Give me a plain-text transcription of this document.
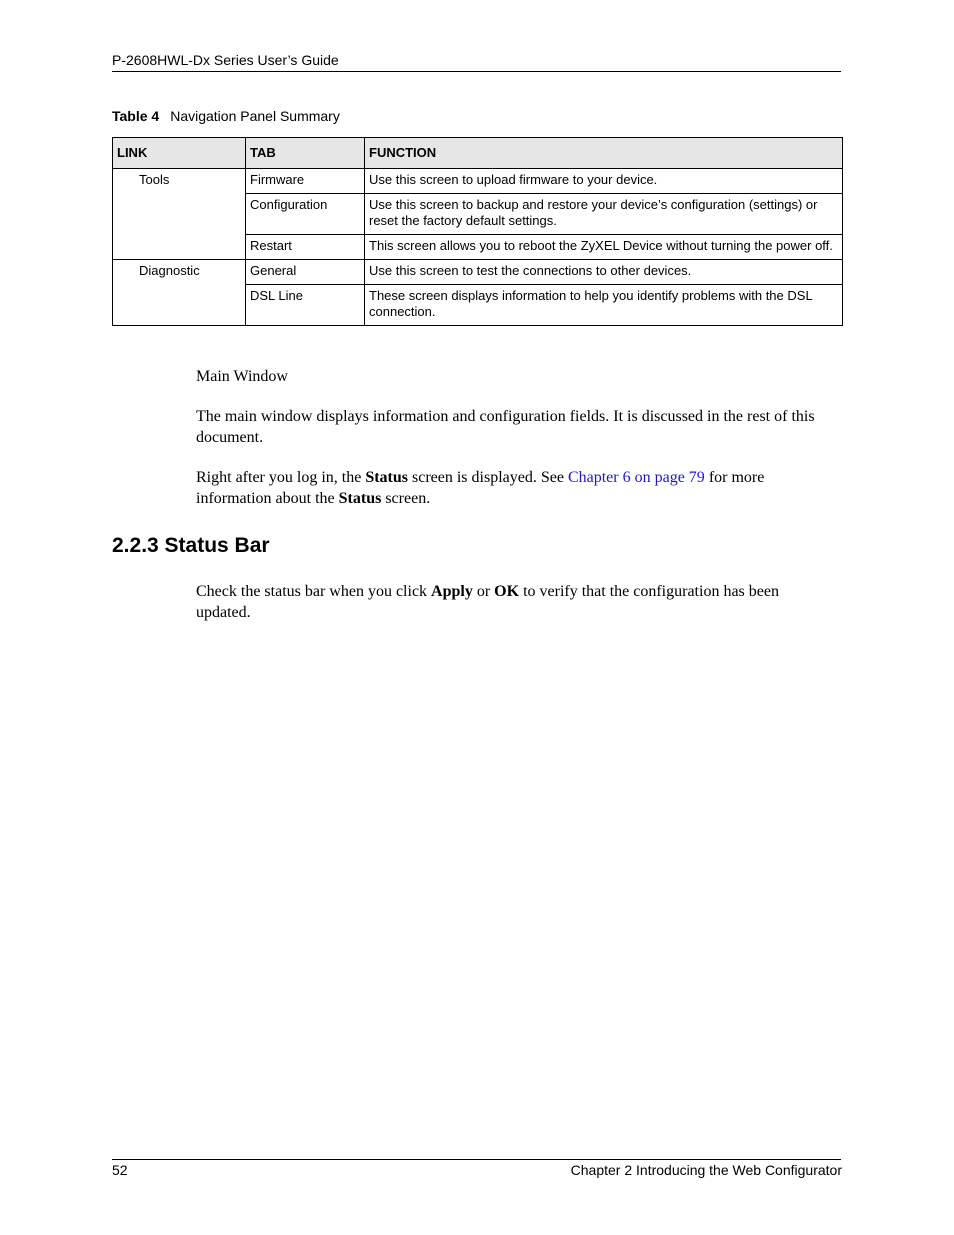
P-2608HWL-Dx Series User’s Guide
Table 4 Navigation Panel Summary
LINK	TAB	FUNCTION
Tools	Firmware	Use this screen to upload firmware to your device.
	Configuration	Use this screen to backup and restore your device’s configuration (settings) or reset the factory default settings.
	Restart	This screen allows you to reboot the ZyXEL Device without turning the power off.
Diagnostic	General	Use this screen to test the connections to other devices.
	DSL Line	These screen displays information to help you identify problems with the DSL connection.
Main Window
The main window displays information and configuration fields. It is discussed in the rest of this document.
Right after you log in, the Status screen is displayed. See Chapter 6 on page 79 for more information about the Status screen.
2.2.3 Status Bar
Check the status bar when you click Apply or OK to verify that the configuration has been updated.
52	Chapter 2 Introducing the Web Configurator
